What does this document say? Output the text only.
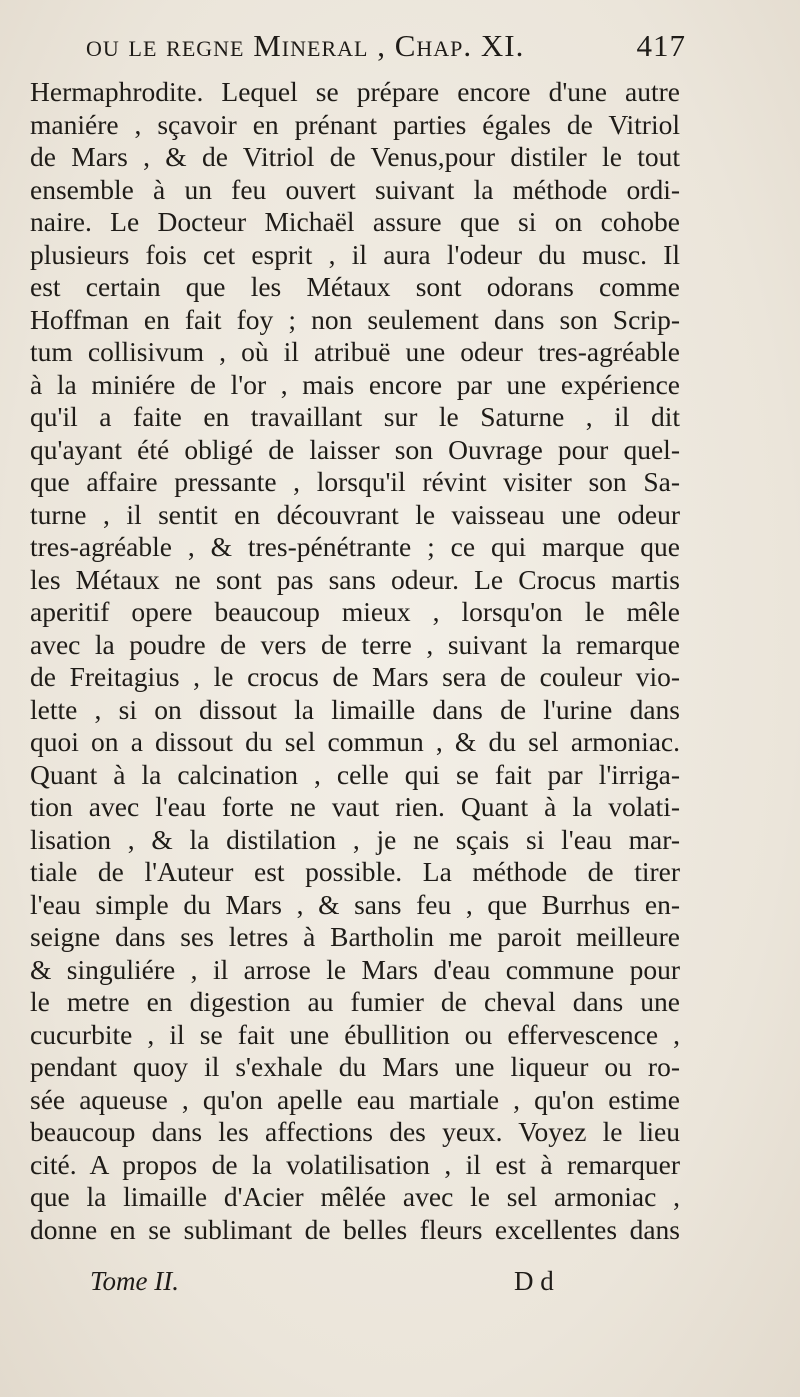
ou le regne Mineral , Chap. XI.	417
Hermaphrodite. Lequel se prépare encore d'une autre
maniére , sçavoir en prénant parties égales de Vitriol
de Mars , & de Vitriol de Venus,pour distiler le tout
ensemble à un feu ouvert suivant la méthode ordi-
naire. Le Docteur Michaël assure que si on cohobe
plusieurs fois cet esprit , il aura l'odeur du musc. Il
est certain que les Métaux sont odorans comme
Hoffman en fait foy ; non seulement dans son Scrip-
tum collisivum , où il atribuë une odeur tres-agréable
à la miniére de l'or , mais encore par une expérience
qu'il a faite en travaillant sur le Saturne , il dit
qu'ayant été obligé de laisser son Ouvrage pour quel-
que affaire pressante , lorsqu'il révint visiter son Sa-
turne , il sentit en découvrant le vaisseau une odeur
tres-agréable , & tres-pénétrante ; ce qui marque que
les Métaux ne sont pas sans odeur. Le Crocus martis
aperitif opere beaucoup mieux , lorsqu'on le mêle
avec la poudre de vers de terre , suivant la remarque
de Freitagius , le crocus de Mars sera de couleur vio-
lette , si on dissout la limaille dans de l'urine dans
quoi on a dissout du sel commun , & du sel armoniac.
Quant à la calcination , celle qui se fait par l'irriga-
tion avec l'eau forte ne vaut rien. Quant à la volati-
lisation , & la distilation , je ne sçais si l'eau mar-
tiale de l'Auteur est possible. La méthode de tirer
l'eau simple du Mars , & sans feu , que Burrhus en-
seigne dans ses letres à Bartholin me paroit meilleure
& singuliére , il arrose le Mars d'eau commune pour
le metre en digestion au fumier de cheval dans une
cucurbite , il se fait une ébullition ou effervescence ,
pendant quoy il s'exhale du Mars une liqueur ou ro-
sée aqueuse , qu'on apelle eau martiale , qu'on estime
beaucoup dans les affections des yeux. Voyez le lieu
cité. A propos de la volatilisation , il est à remarquer
que la limaille d'Acier mêlée avec le sel armoniac ,
donne en se sublimant de belles fleurs excellentes dans
Tome II.	D d
